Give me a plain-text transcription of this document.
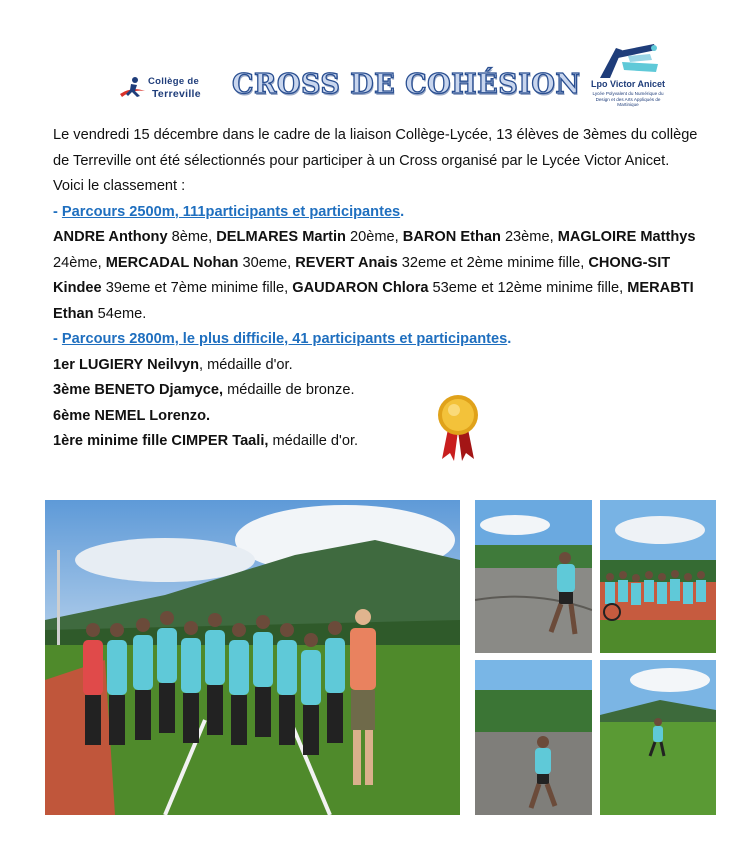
Collège de
Terreville CROSS DE COHÉSION	Lpo Victor Anicet
Lycée Polyvalent du Numérique du Design et des Arts Appliqués de Martinique

Le vendredi 15 décembre dans le cadre de la liaison Collège-Lycée, 13 élèves de 3èmes du collège de Terreville ont été sélectionnés pour participer à un Cross organisé par le Lycée Victor Anicet.

Voici le classement :

- Parcours 2500m, 111participants et participantes.

ANDRE Anthony 8ème, DELMARES Martin 20ème, BARON Ethan 23ème, MAGLOIRE Matthys 24ème, MERCADAL Nohan 30eme, REVERT Anais 32eme et 2ème minime fille, CHONG-SIT Kindee 39eme et 7ème minime fille, GAUDARON Chlora 53eme et 12ème minime fille, MERABTI Ethan 54eme.

- Parcours 2800m, le plus difficile, 41 participants et participantes.

1er LUGIERY Neilvyn, médaille d'or.

3ème BENETO Djamyce, médaille de bronze.

6ème NEMEL Lorenzo.

1ère minime fille CIMPER Taali, médaille d'or.
